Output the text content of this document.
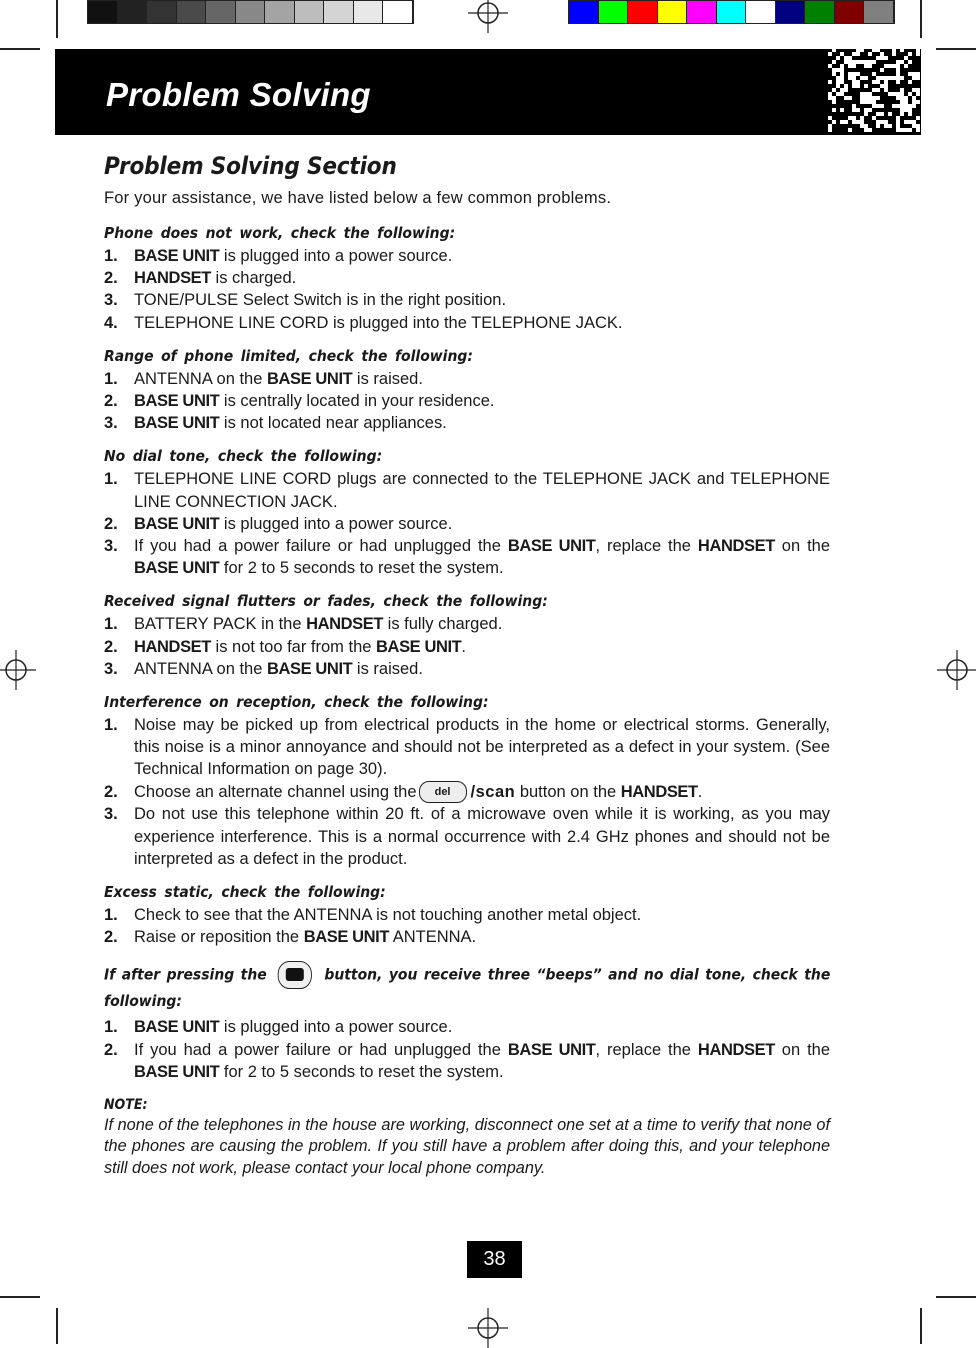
Problem Solving
Problem Solving Section

For your assistance, we have listed below a few common problems.

Phone does not work, check the following:
1. BASE UNIT is plugged into a power source.
2. HANDSET is charged.
3. TONE/PULSE Select Switch is in the right position.
4. TELEPHONE LINE CORD is plugged into the TELEPHONE JACK.
Range of phone limited, check the following:
1. ANTENNA on the BASE UNIT is raised.
2. BASE UNIT is centrally located in your residence.
3. BASE UNIT is not located near appliances.
No dial tone, check the following:
1. TELEPHONE LINE CORD plugs are connected to the TELEPHONE JACK and TELEPHONE LINE CONNECTION JACK.
2. BASE UNIT is plugged into a power source.
3. If you had a power failure or had unplugged the BASE UNIT, replace the HANDSET on the BASE UNIT for 2 to 5 seconds to reset the system.
Received signal flutters or fades, check the following:
1. BATTERY PACK in the HANDSET is fully charged.
2. HANDSET is not too far from the BASE UNIT.
3. ANTENNA on the BASE UNIT is raised.
Interference on reception, check the following:
1. Noise may be picked up from electrical products in the home or electrical storms. Generally, this noise is a minor annoyance and should not be interpreted as a defect in your system. (See Technical Information on page 30).
2. Choose an alternate channel using the del /scan button on the HANDSET.
3. Do not use this telephone within 20 ft. of a microwave oven while it is working, as you may experience interference. This is a normal occurrence with 2.4 GHz phones and should not be interpreted as a defect in the product.
Excess static, check the following:
1. Check to see that the ANTENNA is not touching another metal object.
2. Raise or reposition the BASE UNIT ANTENNA.
If after pressing the	button, you receive three “beeps” and no dial tone, check the following:
1. BASE UNIT is plugged into a power source.
2. If you had a power failure or had unplugged the BASE UNIT, replace the HANDSET on the BASE UNIT for 2 to 5 seconds to reset the system.
NOTE:
If none of the telephones in the house are working, disconnect one set at a time to verify that none of the phones are causing the problem. If you still have a problem after doing this, and your telephone still does not work, please contact your local phone company.
38
